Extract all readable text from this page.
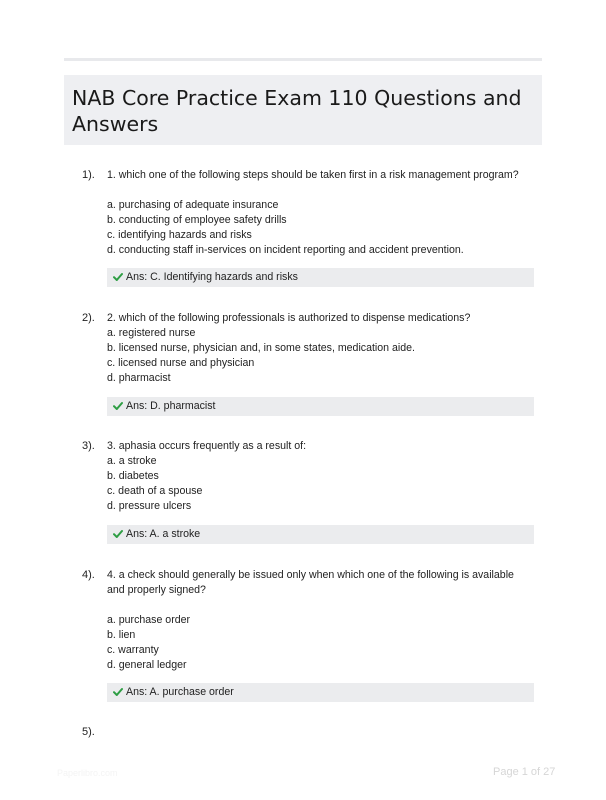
NAB Core Practice Exam 110 Questions and Answers
1). 1. which one of the following steps should be taken first in a risk management program?
a. purchasing of adequate insurance
b. conducting of employee safety drills
c. identifying hazards and risks
d. conducting staff in-services on incident reporting and accident prevention.
Ans: C. Identifying hazards and risks
2). 2. which of the following professionals is authorized to dispense medications?
a. registered nurse
b. licensed nurse, physician and, in some states, medication aide.
c. licensed nurse and physician
d. pharmacist
Ans: D. pharmacist
3). 3. aphasia occurs frequently as a result of:
a. a stroke
b. diabetes
c. death of a spouse
d. pressure ulcers
Ans: A. a stroke
4). 4. a check should generally be issued only when which one of the following is available
and properly signed?
a. purchase order
b. lien
c. warranty
d. general ledger
Ans: A. purchase order
5).
Paperlibro.com	Page 1 of 27
